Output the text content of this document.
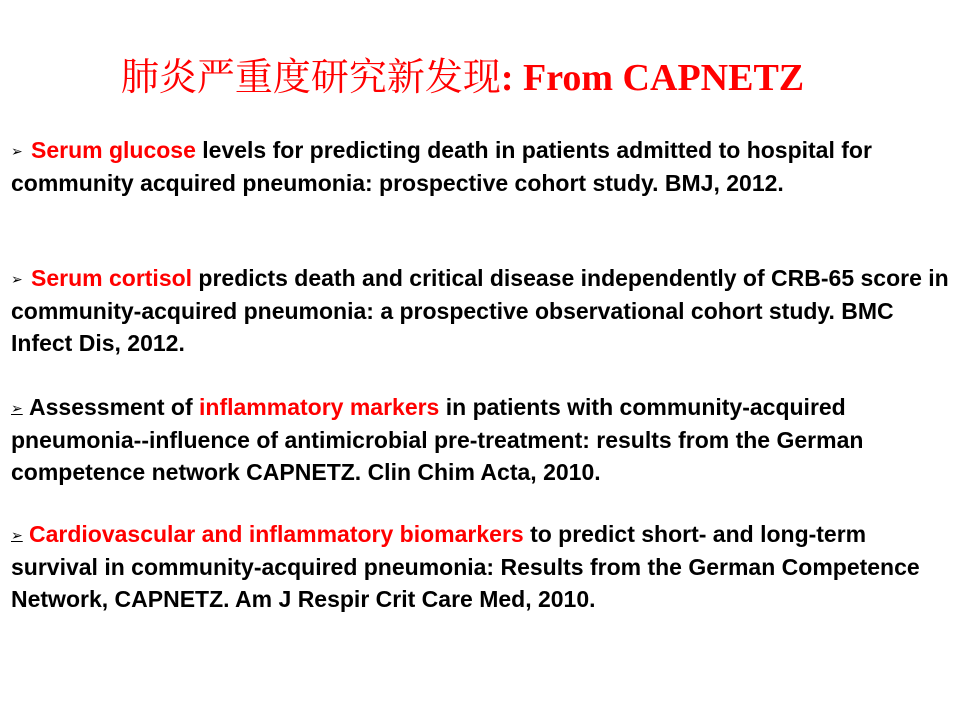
肺炎严重度研究新发现: From CAPNETZ
➢ Serum glucose levels for predicting death in patients admitted to hospital for community acquired pneumonia: prospective cohort study. BMJ, 2012.
➢ Serum cortisol predicts death and critical disease independently of CRB-65 score in community-acquired pneumonia: a prospective observational cohort study. BMC Infect Dis, 2012.
➢ Assessment of inflammatory markers in patients with community-acquired pneumonia--influence of antimicrobial pre-treatment: results from the German competence network CAPNETZ. Clin Chim Acta, 2010.
➢ Cardiovascular and inflammatory biomarkers to predict short- and long-term survival in community-acquired pneumonia: Results from the German Competence Network, CAPNETZ. Am J Respir Crit Care Med, 2010.
